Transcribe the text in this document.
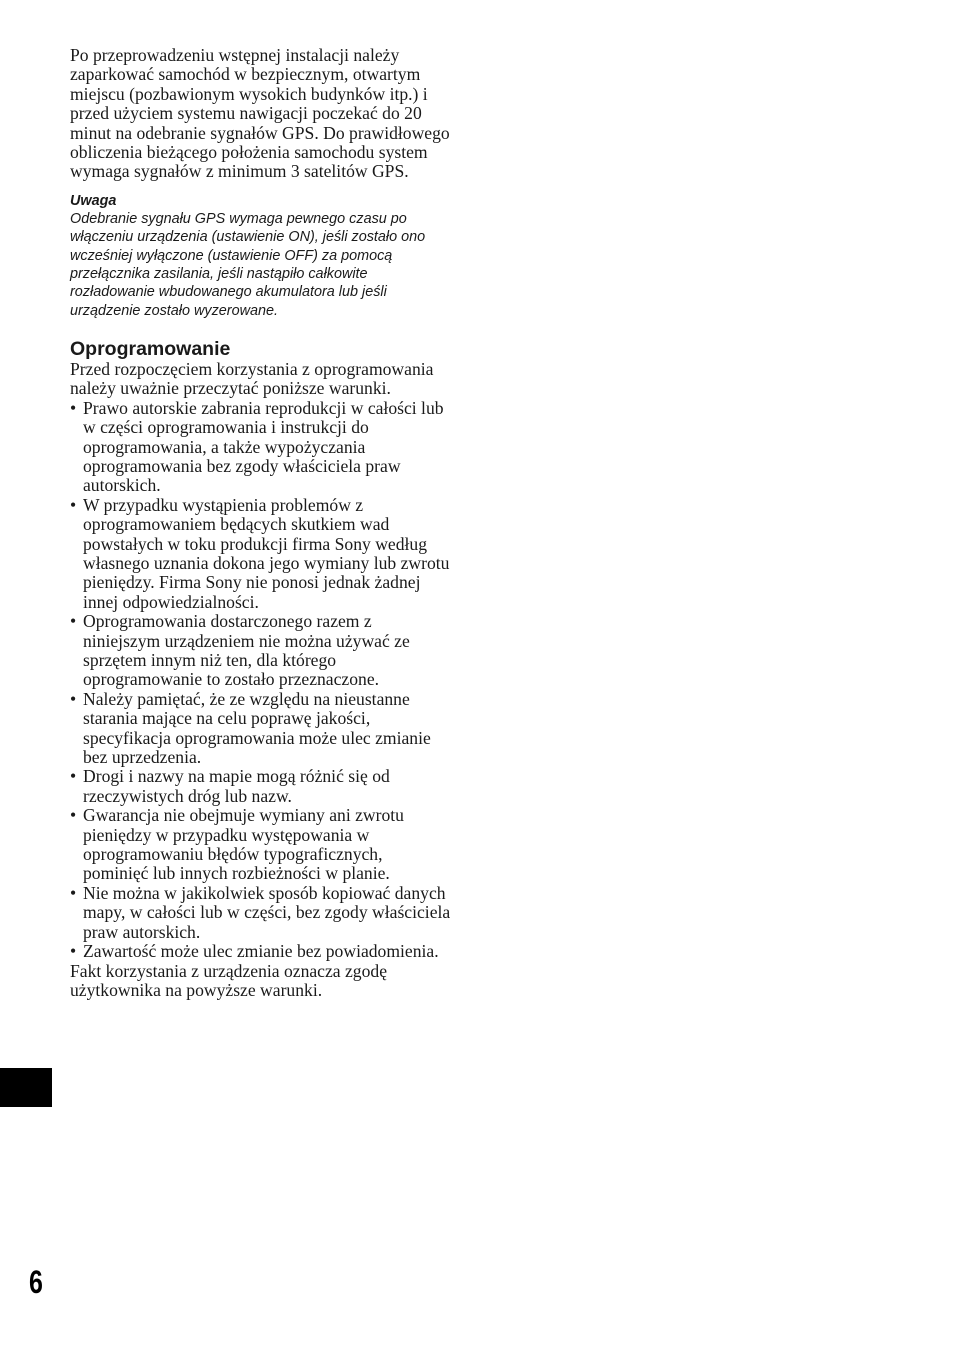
Po przeprowadzeniu wstępnej instalacji należy zaparkować samochód w bezpiecznym, otwartym miejscu (pozbawionym wysokich budynków itp.) i przed użyciem systemu nawigacji poczekać do 20 minut na odebranie sygnałów GPS. Do prawidłowego obliczenia bieżącego położenia samochodu system wymaga sygnałów z minimum 3 satelitów GPS.

Uwaga

Odebranie sygnału GPS wymaga pewnego czasu po włączeniu urządzenia (ustawienie ON), jeśli zostało ono wcześniej wyłączone (ustawienie OFF) za pomocą przełącznika zasilania, jeśli nastąpiło całkowite rozładowanie wbudowanego akumulatora lub jeśli urządzenie zostało wyzerowane.

Oprogramowanie

Przed rozpoczęciem korzystania z oprogramowania należy uważnie przeczytać poniższe warunki.

• Prawo autorskie zabrania reprodukcji w całości lub w części oprogramowania i instrukcji do oprogramowania, a także wypożyczania oprogramowania bez zgody właściciela praw autorskich.
• W przypadku wystąpienia problemów z oprogramowaniem będących skutkiem wad powstałych w toku produkcji firma Sony według własnego uznania dokona jego wymiany lub zwrotu pieniędzy. Firma Sony nie ponosi jednak żadnej innej odpowiedzialności.
• Oprogramowania dostarczonego razem z niniejszym urządzeniem nie można używać ze sprzętem innym niż ten, dla którego oprogramowanie to zostało przeznaczone.
• Należy pamiętać, że ze względu na nieustanne starania mające na celu poprawę jakości, specyfikacja oprogramowania może ulec zmianie bez uprzedzenia.
• Drogi i nazwy na mapie mogą różnić się od rzeczywistych dróg lub nazw.
• Gwarancja nie obejmuje wymiany ani zwrotu pieniędzy w przypadku występowania w oprogramowaniu błędów typograficznych, pominięć lub innych rozbieżności w planie.
• Nie można w jakikolwiek sposób kopiować danych mapy, w całości lub w części, bez zgody właściciela praw autorskich.
• Zawartość może ulec zmianie bez powiadomienia.

Fakt korzystania z urządzenia oznacza zgodę użytkownika na powyższe warunki.

6
